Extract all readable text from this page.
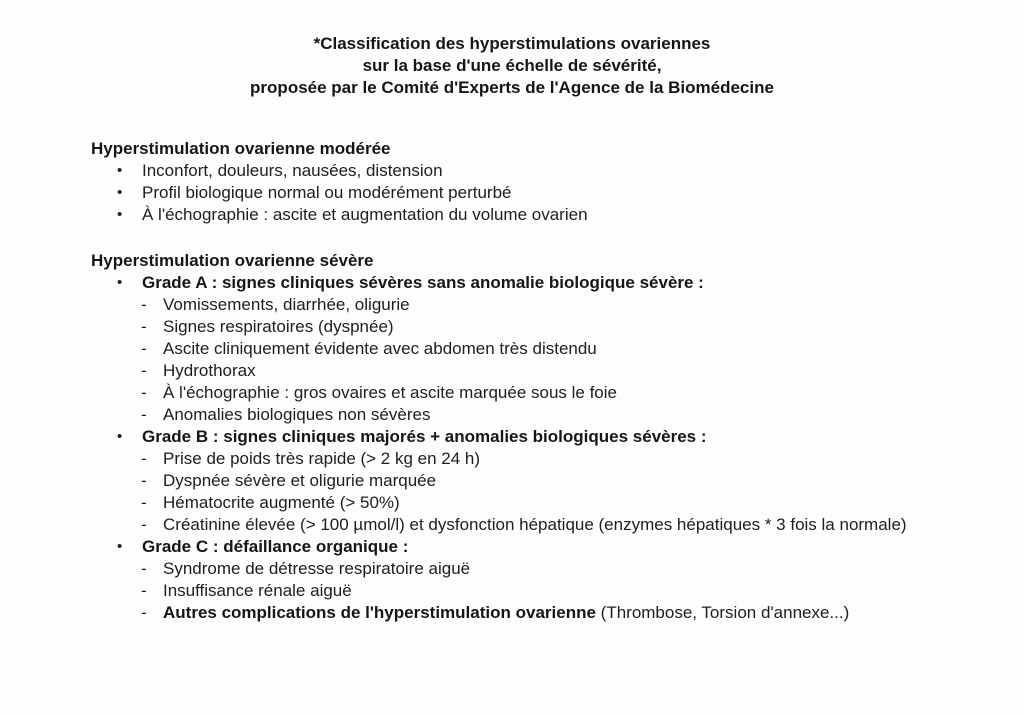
*Classification des hyperstimulations ovariennes
sur la base d'une échelle de sévérité,
proposée par le Comité d'Experts de l'Agence de la Biomédecine
Hyperstimulation ovarienne modérée
•	Inconfort, douleurs, nausées, distension
•	Profil biologique normal ou modérément perturbé
•	À l'échographie : ascite et augmentation du volume ovarien
Hyperstimulation ovarienne sévère
•	Grade A : signes cliniques sévères sans anomalie biologique sévère :
- Vomissements, diarrhée, oligurie
- Signes respiratoires (dyspnée)
- Ascite cliniquement évidente avec abdomen très distendu
- Hydrothorax
- À l'échographie : gros ovaires et ascite marquée sous le foie
- Anomalies biologiques non sévères
•	Grade B : signes cliniques majorés + anomalies biologiques sévères :
- Prise de poids très rapide (> 2 kg en 24 h)
- Dyspnée sévère et oligurie marquée
- Hématocrite augmenté (> 50%)
- Créatinine élevée (> 100 µmol/l) et dysfonction hépatique (enzymes hépatiques * 3 fois la normale)
•	Grade C : défaillance organique :
- Syndrome de détresse respiratoire aiguë
- Insuffisance rénale aiguë
- Autres complications de l'hyperstimulation ovarienne (Thrombose, Torsion d'annexe...)
